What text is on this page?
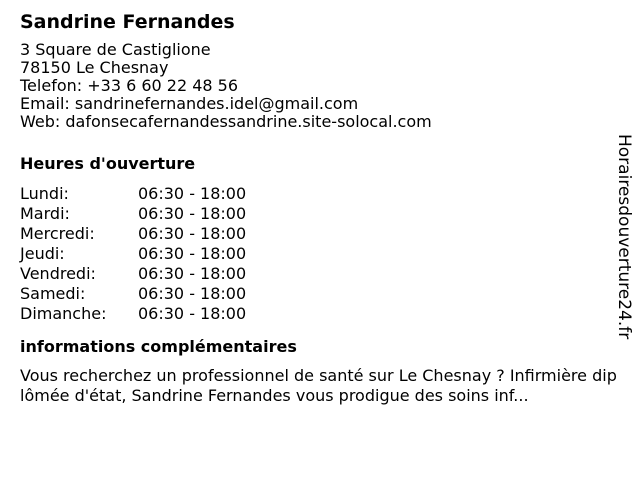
Sandrine Fernandes
3 Square de Castiglione
78150 Le Chesnay
Telefon: +33 6 60 22 48 56
Email: sandrinefernandes.idel@gmail.com
Web: dafonsecafernandessandrine.site-solocal.com
Heures d'ouverture
Lundi:	06:30 - 18:00
Mardi:	06:30 - 18:00
Mercredi:	06:30 - 18:00
Jeudi:	06:30 - 18:00
Vendredi:	06:30 - 18:00
Samedi:	06:30 - 18:00
Dimanche:	06:30 - 18:00
informations complémentaires
Vous recherchez un professionnel de santé sur Le Chesnay ? Infirmière diplômée d'état, Sandrine Fernandes vous prodigue des soins inf...
Horairesdouverture24.fr
